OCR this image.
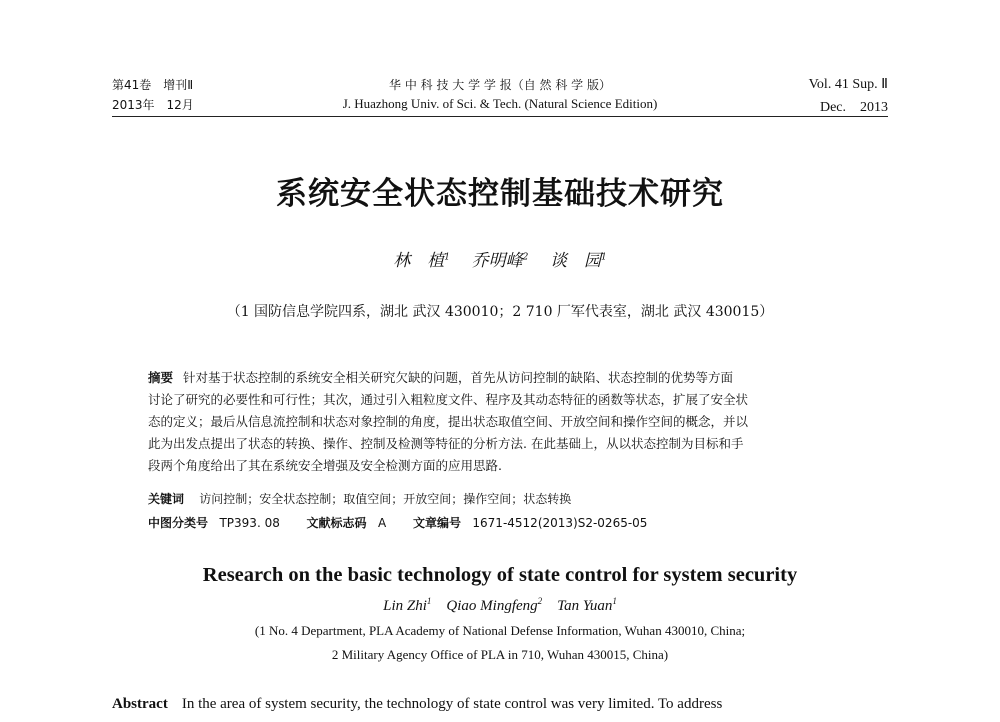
第41卷　增刊Ⅱ
2013年　12月
华 中 科 技 大 学 学 报（自 然 科 学 版）
J. Huazhong Univ. of Sci. & Tech. (Natural Science Edition)
Vol. 41 Sup. Ⅱ
Dec.　2013
系统安全状态控制基础技术研究
林　植$^1$ 乔明峰$^2$ 谈　园$^1$
（1 国防信息学院四系，湖北 武汉 430010；2 710 厂军代表室，湖北 武汉 430015）
摘要 针对基于状态控制的系统安全相关研究欠缺的问题，首先从访问控制的缺陷、状态控制的优势等方面
讨论了研究的必要性和可行性；其次，通过引入粗粒度文件、程序及其动态特征的函数等状态，扩展了安全状
态的定义；最后从信息流控制和状态对象控制的角度，提出状态取值空间、开放空间和操作空间的概念，并以
此为出发点提出了状态的转换、操作、控制及检测等特征的分析方法. 在此基础上，从以状态控制为目标和手
段两个角度给出了其在系统安全增强及安全检测方面的应用思路.
关键词 访问控制；安全状态控制；取值空间；开放空间；操作空间；状态转换
中图分类号 TP393. 08 文献标志码 A 文章编号 1671-4512(2013)S2-0265-05
Research on the basic technology of state control for system security
Lin Zhi$^1$ Qiao Mingfeng$^2$ Tan Yuan$^1$
(1 No. 4 Department, PLA Academy of National Defense Information, Wuhan 430010, China;
2 Military Agency Office of PLA in 710, Wuhan 430015, China)
Abstract In the area of system security, the technology of state control was very limited. To address
